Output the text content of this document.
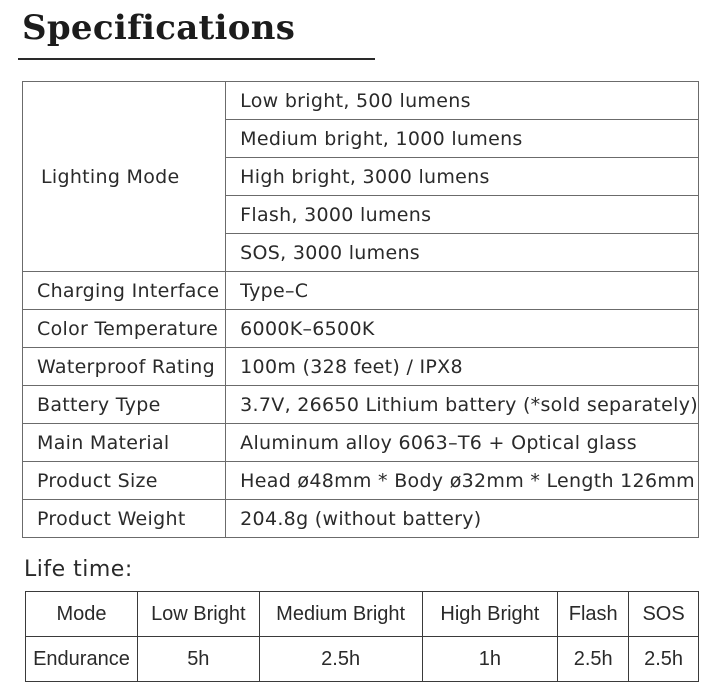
Specifications
Lighting Mode	Low bright, 500 lumens
	Medium bright, 1000 lumens
	High bright, 3000 lumens
	Flash, 3000 lumens
	SOS, 3000 lumens
Charging Interface	Type–C
Color Temperature	6000K–6500K
Waterproof Rating	100m (328 feet) / IPX8
Battery Type	3.7V, 26650 Lithium battery (*sold separately)
Main Material	Aluminum alloy 6063–T6 + Optical glass
Product Size	Head ø48mm * Body ø32mm * Length 126mm
Product Weight	204.8g (without battery)
Life time:
Mode	Low Bright	Medium Bright	High Bright	Flash	SOS
Endurance	5h	2.5h	1h	2.5h	2.5h
